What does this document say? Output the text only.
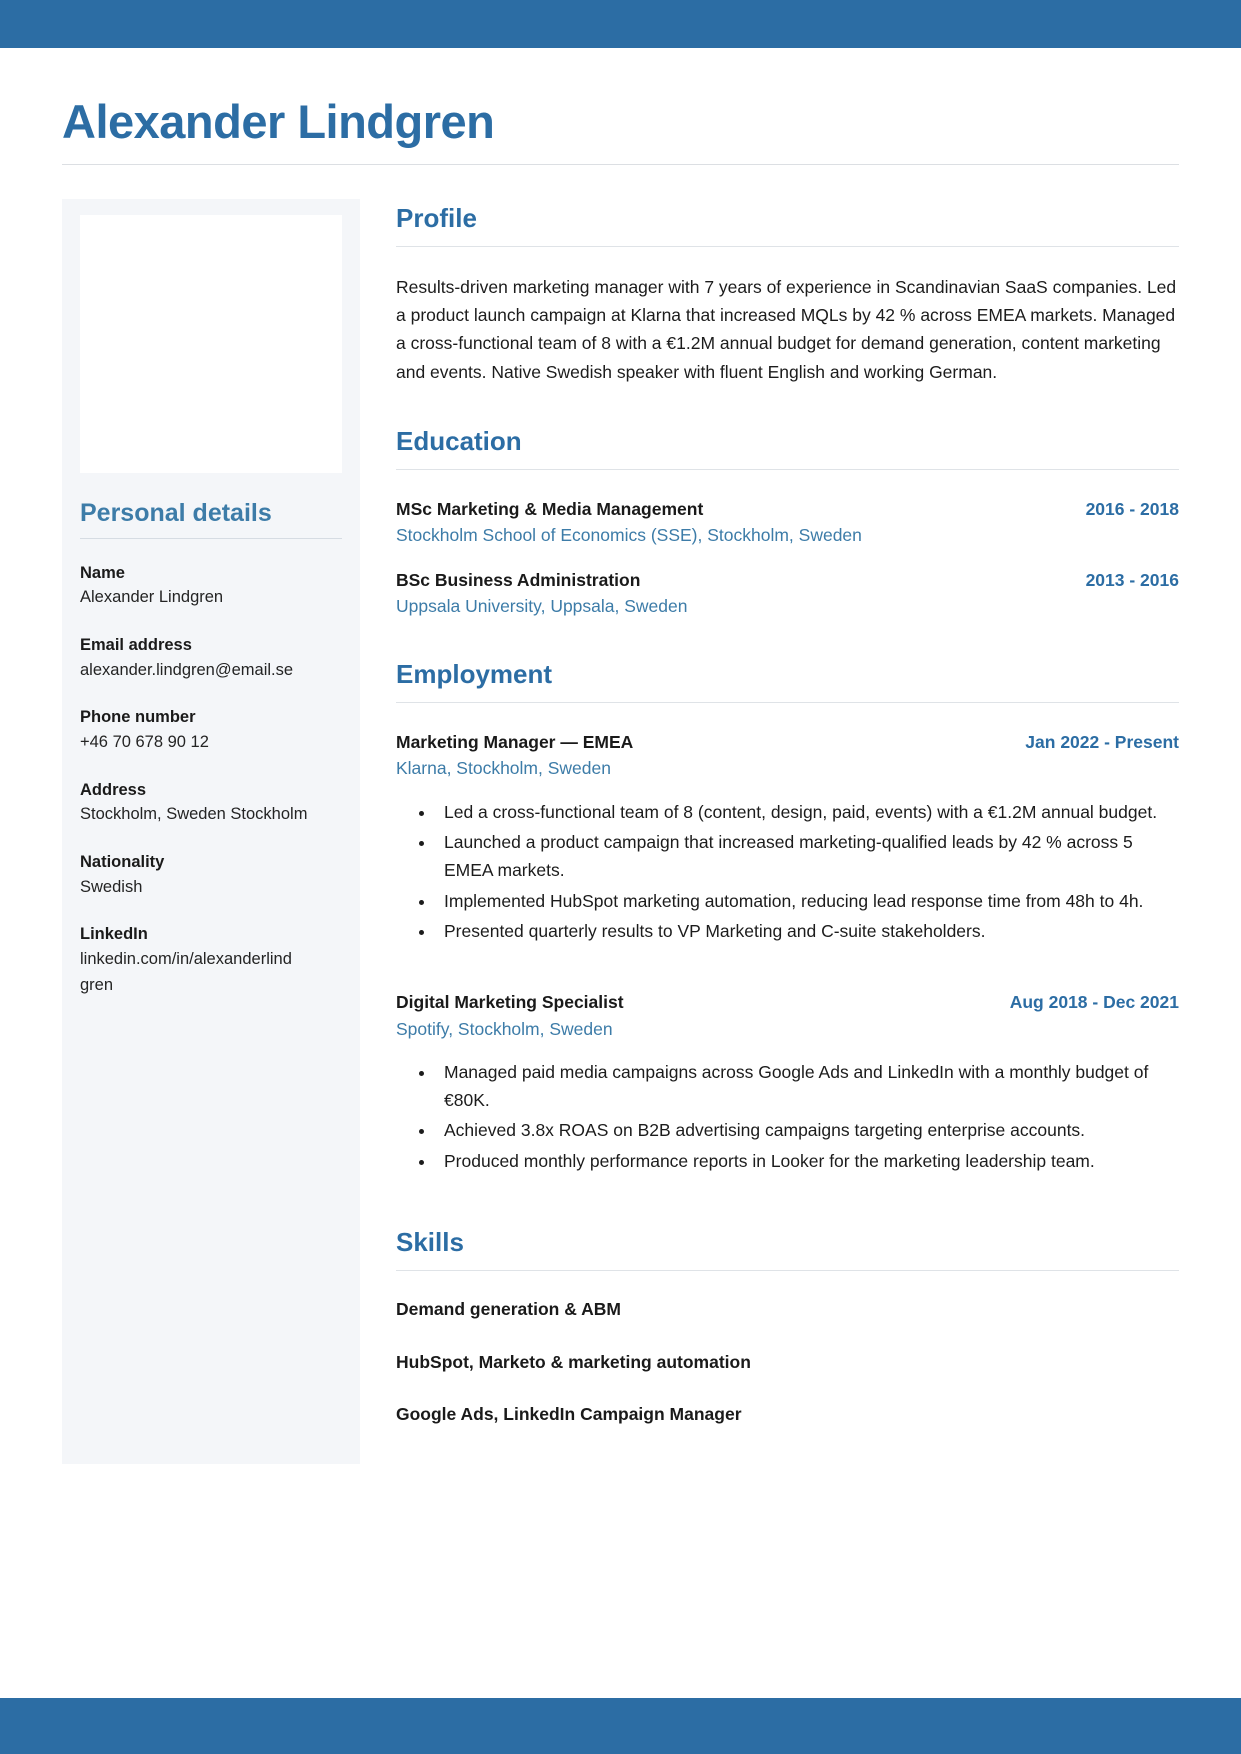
Alexander Lindgren
Personal details
Name
Alexander Lindgren
Email address
alexander.lindgren@email.se
Phone number
+46 70 678 90 12
Address
Stockholm, Sweden Stockholm
Nationality
Swedish
LinkedIn
linkedin.com/in/alexanderlindgren
Profile

Results-driven marketing manager with 7 years of experience in Scandinavian SaaS companies. Led a product launch campaign at Klarna that increased MQLs by 42 % across EMEA markets. Managed a cross-functional team of 8 with a €1.2M annual budget for demand generation, content marketing and events. Native Swedish speaker with fluent English and working German.

Education
MSc Marketing & Media Management	2016 - 2018
Stockholm School of Economics (SSE), Stockholm, Sweden
BSc Business Administration	2013 - 2016
Uppsala University, Uppsala, Sweden
Employment
Marketing Manager — EMEA	Jan 2022 - Present
Klarna, Stockholm, Sweden
• Led a cross-functional team of 8 (content, design, paid, events) with a €1.2M annual budget.
• Launched a product campaign that increased marketing-qualified leads by 42 % across 5 EMEA markets.
• Implemented HubSpot marketing automation, reducing lead response time from 48h to 4h.
• Presented quarterly results to VP Marketing and C-suite stakeholders.
Digital Marketing Specialist	Aug 2018 - Dec 2021
Spotify, Stockholm, Sweden
• Managed paid media campaigns across Google Ads and LinkedIn with a monthly budget of €80K.
• Achieved 3.8x ROAS on B2B advertising campaigns targeting enterprise accounts.
• Produced monthly performance reports in Looker for the marketing leadership team.
Skills
Demand generation & ABM
HubSpot, Marketo & marketing automation
Google Ads, LinkedIn Campaign Manager
